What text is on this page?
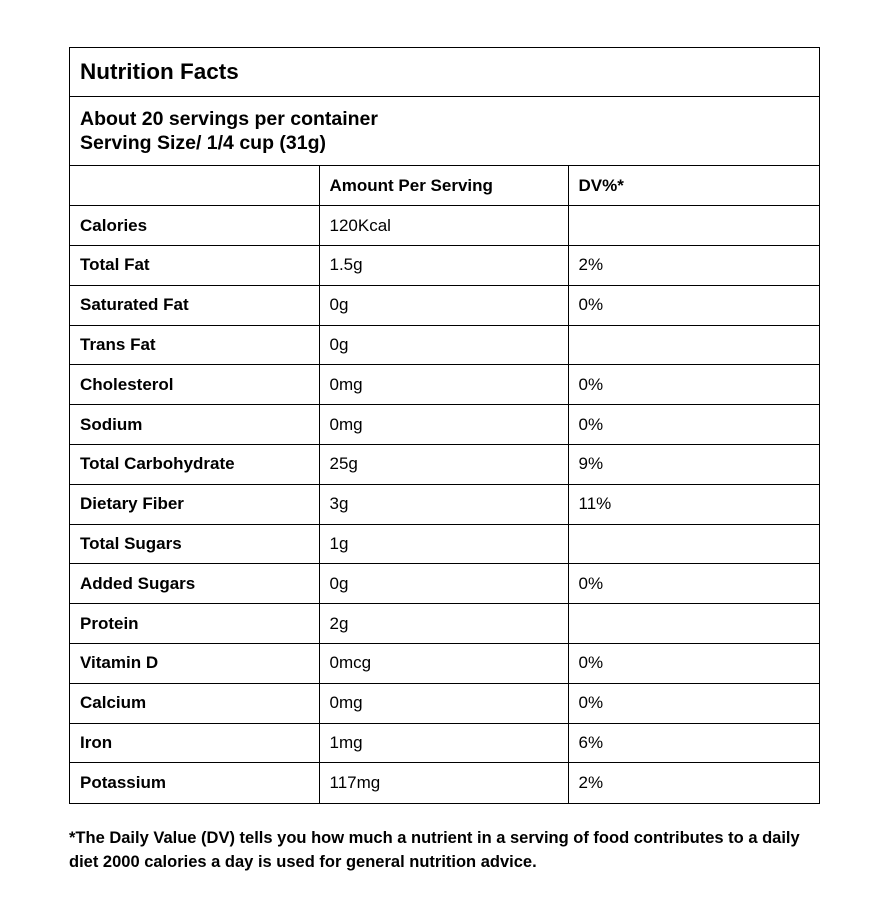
Nutrition Facts
About 20 servings per container
Serving Size/ 1/4 cup (31g)
	Amount Per Serving	DV%*
Calories	120Kcal	
Total Fat	1.5g	2%
Saturated Fat	0g	0%
Trans Fat	0g	
Cholesterol	0mg	0%
Sodium	0mg	0%
Total Carbohydrate	25g	9%
Dietary Fiber	3g	11%
Total Sugars	1g	
Added Sugars	0g	0%
Protein	2g	
Vitamin D	0mcg	0%
Calcium	0mg	0%
Iron	1mg	6%
Potassium	117mg	2%
*The Daily Value (DV) tells you how much a nutrient in a serving of food contributes to a daily diet 2000 calories a day is used for general nutrition advice.
